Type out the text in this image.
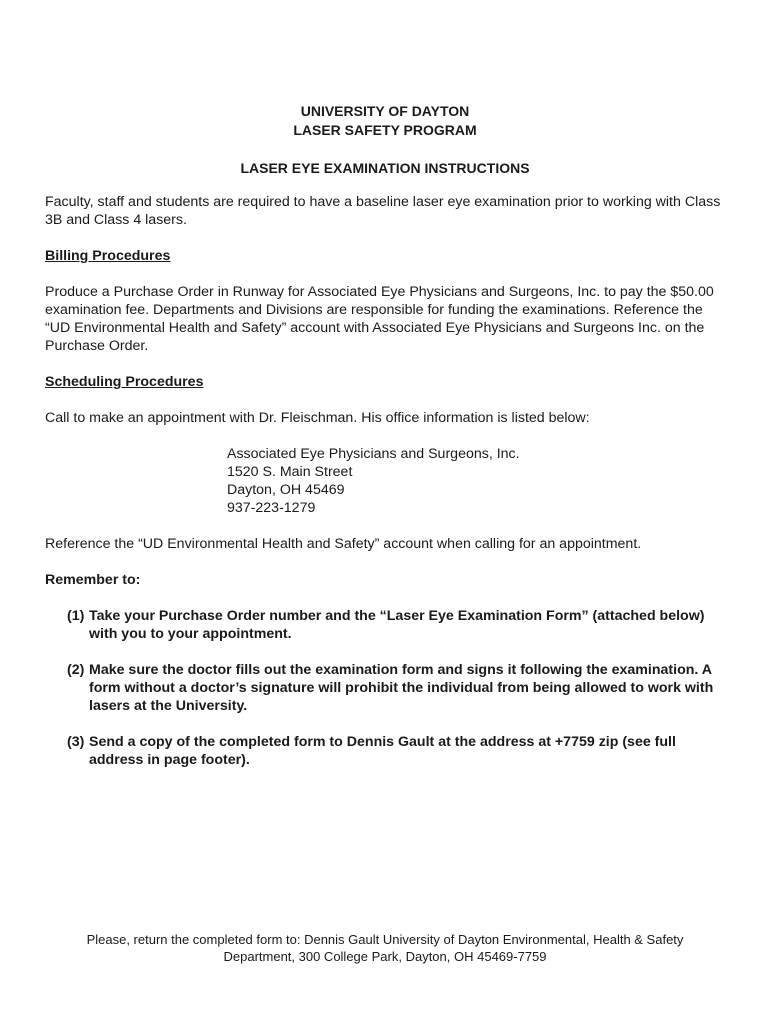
UNIVERSITY OF DAYTON
LASER SAFETY PROGRAM
LASER EYE EXAMINATION INSTRUCTIONS

Faculty, staff and students are required to have a baseline laser eye examination prior to working with Class 3B and Class 4 lasers.

Billing Procedures

Produce a Purchase Order in Runway for Associated Eye Physicians and Surgeons, Inc. to pay the $50.00 examination fee. Departments and Divisions are responsible for funding the examinations. Reference the “UD Environmental Health and Safety” account with Associated Eye Physicians and Surgeons Inc. on the Purchase Order.

Scheduling Procedures

Call to make an appointment with Dr. Fleischman. His office information is listed below:

Associated Eye Physicians and Surgeons, Inc.
1520 S. Main Street
Dayton, OH 45469
937-223-1279

Reference the “UD Environmental Health and Safety” account when calling for an appointment.

Remember to:

(1) Take your Purchase Order number and the “Laser Eye Examination Form” (attached below) with you to your appointment.
(2) Make sure the doctor fills out the examination form and signs it following the examination. A form without a doctor’s signature will prohibit the individual from being allowed to work with lasers at the University.
(3) Send a copy of the completed form to Dennis Gault at the address at +7759 zip (see full address in page footer).
Please, return the completed form to: Dennis Gault University of Dayton Environmental, Health & Safety
Department, 300 College Park, Dayton, OH 45469-7759
